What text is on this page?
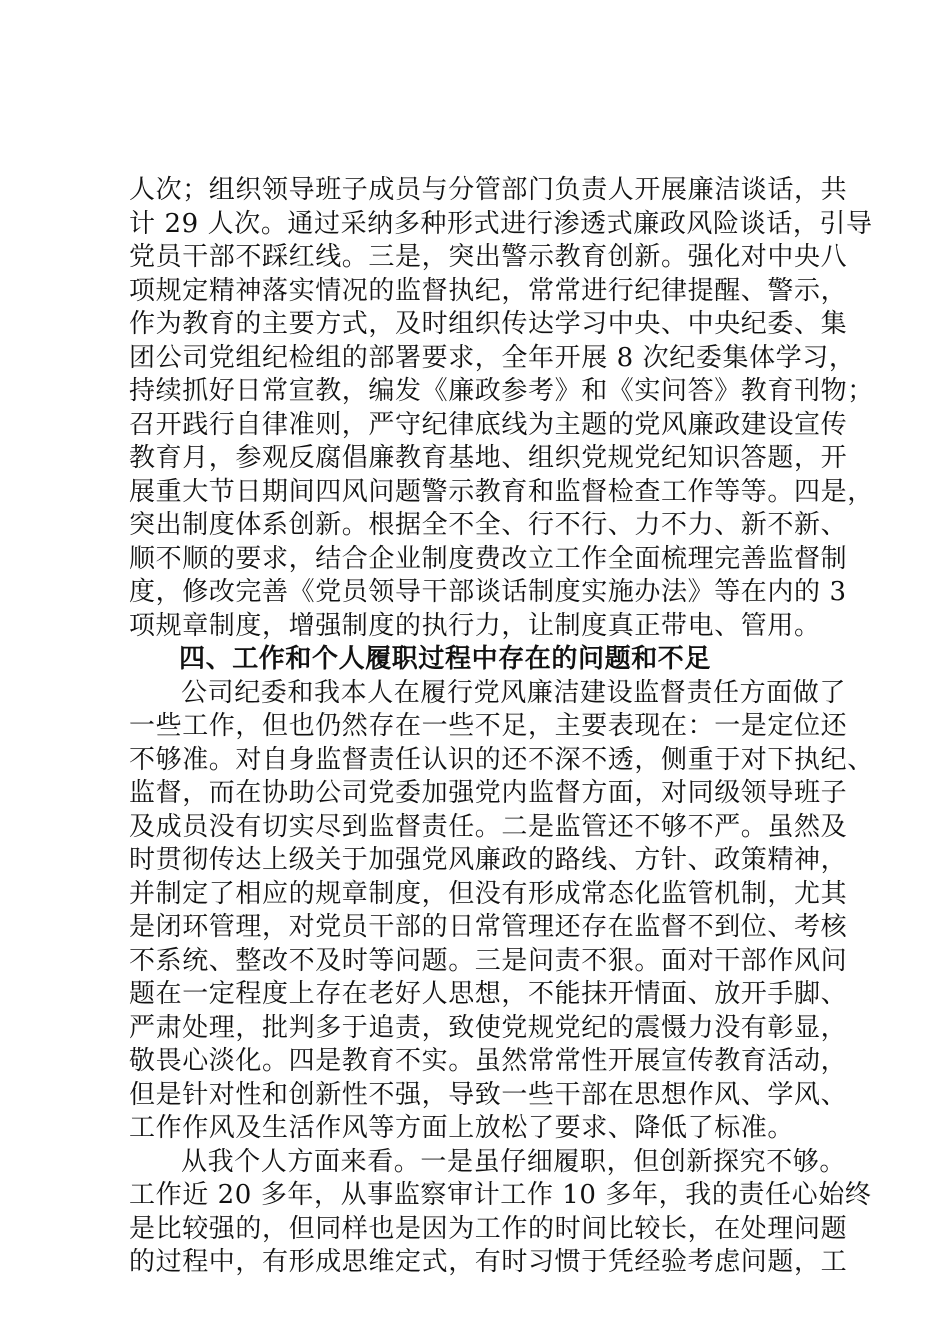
人次；组织领导班子成员与分管部门负责人开展廉洁谈话，共
计 29 人次。通过采纳多种形式进行渗透式廉政风险谈话，引导
党员干部不踩红线。三是，突出警示教育创新。强化对中央八
项规定精神落实情况的监督执纪，常常进行纪律提醒、警示，
作为教育的主要方式，及时组织传达学习中央、中央纪委、集
团公司党组纪检组的部署要求，全年开展 8 次纪委集体学习，
持续抓好日常宣教，编发《廉政参考》和《实问答》教育刊物；
召开践行自律准则，严守纪律底线为主题的党风廉政建设宣传
教育月，参观反腐倡廉教育基地、组织党规党纪知识答题，开
展重大节日期间四风问题警示教育和监督检查工作等等。四是，
突出制度体系创新。根据全不全、行不行、力不力、新不新、
顺不顺的要求，结合企业制度费改立工作全面梳理完善监督制
度，修改完善《党员领导干部谈话制度实施办法》等在内的 3
项规章制度，增强制度的执行力，让制度真正带电、管用。
四、工作和个人履职过程中存在的问题和不足
公司纪委和我本人在履行党风廉洁建设监督责任方面做了
一些工作，但也仍然存在一些不足，主要表现在：一是定位还
不够准。对自身监督责任认识的还不深不透，侧重于对下执纪、
监督，而在协助公司党委加强党内监督方面，对同级领导班子
及成员没有切实尽到监督责任。二是监管还不够不严。虽然及
时贯彻传达上级关于加强党风廉政的路线、方针、政策精神，
并制定了相应的规章制度，但没有形成常态化监管机制，尤其
是闭环管理，对党员干部的日常管理还存在监督不到位、考核
不系统、整改不及时等问题。三是问责不狠。面对干部作风问
题在一定程度上存在老好人思想，不能抹开情面、放开手脚、
严肃处理，批判多于追责，致使党规党纪的震慑力没有彰显，
敬畏心淡化。四是教育不实。虽然常常性开展宣传教育活动，
但是针对性和创新性不强，导致一些干部在思想作风、学风、
工作作风及生活作风等方面上放松了要求、降低了标准。
从我个人方面来看。一是虽仔细履职，但创新探究不够。
工作近 20 多年，从事监察审计工作 10 多年，我的责任心始终
是比较强的，但同样也是因为工作的时间比较长，在处理问题
的过程中，有形成思维定式，有时习惯于凭经验考虑问题，工
